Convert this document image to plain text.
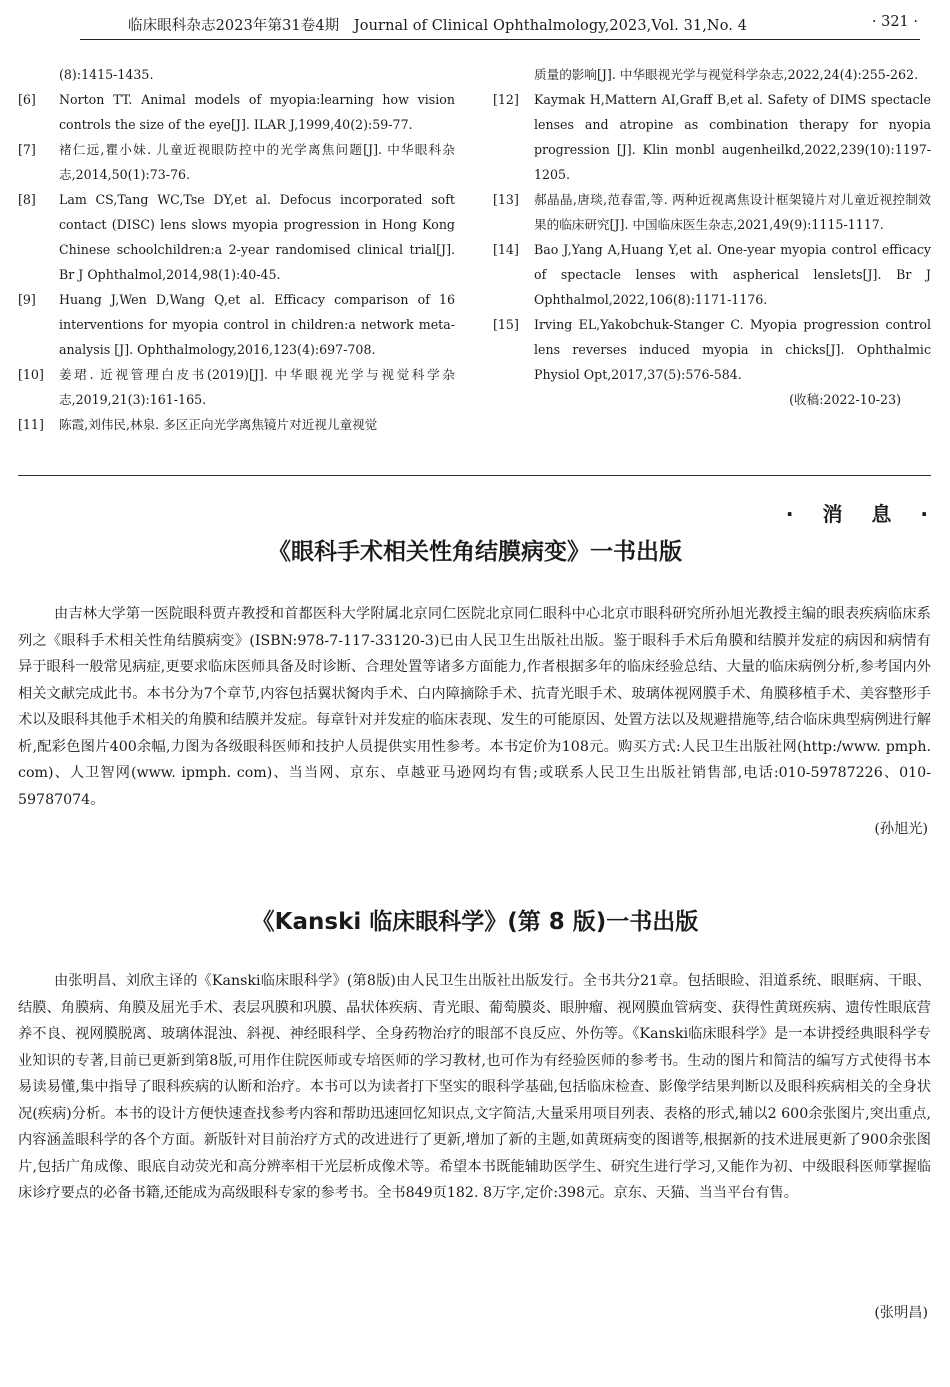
临床眼科杂志2023年第31卷4期　Journal of Clinical Ophthalmology,2023,Vol. 31,No. 4	· 321 ·
(8):1415-1435.
[6]	Norton TT. Animal models of myopia:learning how vision controls the size of the eye[J]. ILAR J,1999,40(2):59-77.
[7]	褚仁远,瞿小妹. 儿童近视眼防控中的光学离焦问题[J]. 中华眼科杂志,2014,50(1):73-76.
[8]	Lam CS,Tang WC,Tse DY,et al. Defocus incorporated soft contact (DISC) lens slows myopia progression in Hong Kong Chinese schoolchildren:a 2-year randomised clinical trial[J]. Br J Ophthalmol,2014,98(1):40-45.
[9]	Huang J,Wen D,Wang Q,et al. Efficacy comparison of 16 interventions for myopia control in children:a network meta-analysis [J]. Ophthalmology,2016,123(4):697-708.
[10]	姜珺. 近视管理白皮书(2019)[J]. 中华眼视光学与视觉科学杂志,2019,21(3):161-165.
[11]	陈霞,刘伟民,林泉. 多区正向光学离焦镜片对近视儿童视觉
质量的影响[J]. 中华眼视光学与视觉科学杂志,2022,24(4):255-262.
[12]	Kaymak H,Mattern AI,Graff B,et al. Safety of DIMS spectacle lenses and atropine as combination therapy for nyopia progression [J]. Klin monbl augenheilkd,2022,239(10):1197-1205.
[13]	郝晶晶,唐琰,范春雷,等. 两种近视离焦设计框架镜片对儿童近视控制效果的临床研究[J]. 中国临床医生杂志,2021,49(9):1115-1117.
[14]	Bao J,Yang A,Huang Y,et al. One-year myopia control efficacy of spectacle lenses with aspherical lenslets[J]. Br J Ophthalmol,2022,106(8):1171-1176.
[15]	Irving EL,Yakobchuk-Stanger C. Myopia progression control lens reverses induced myopia in chicks[J]. Ophthalmic Physiol Opt,2017,37(5):576-584.
(收稿:2022-10-23)
· 消 息 ·
《眼科手术相关性角结膜病变》一书出版

由吉林大学第一医院眼科贾卉教授和首都医科大学附属北京同仁医院北京同仁眼科中心北京市眼科研究所孙旭光教授主编的眼表疾病临床系列之《眼科手术相关性角结膜病变》(ISBN:978-7-117-33120-3)已由人民卫生出版社出版。鉴于眼科手术后角膜和结膜并发症的病因和病情有异于眼科一般常见病症,更要求临床医师具备及时诊断、合理处置等诸多方面能力,作者根据多年的临床经验总结、大量的临床病例分析,参考国内外相关文献完成此书。本书分为7个章节,内容包括翼状胬肉手术、白内障摘除手术、抗青光眼手术、玻璃体视网膜手术、角膜移植手术、美容整形手术以及眼科其他手术相关的角膜和结膜并发症。每章针对并发症的临床表现、发生的可能原因、处置方法以及规避措施等,结合临床典型病例进行解析,配彩色图片400余幅,力图为各级眼科医师和技护人员提供实用性参考。本书定价为108元。购买方式:人民卫生出版社网(http:/www. pmph. com)、人卫智网(www. ipmph. com)、当当网、京东、卓越亚马逊网均有售;或联系人民卫生出版社销售部,电话:010-59787226、010-59787074。

(孙旭光)
《Kanski 临床眼科学》(第 8 版)一书出版

由张明昌、刘欣主译的《Kanski临床眼科学》(第8版)由人民卫生出版社出版发行。全书共分21章。包括眼睑、泪道系统、眼眶病、干眼、结膜、角膜病、角膜及屈光手术、表层巩膜和巩膜、晶状体疾病、青光眼、葡萄膜炎、眼肿瘤、视网膜血管病变、获得性黄斑疾病、遗传性眼底营养不良、视网膜脱离、玻璃体混浊、斜视、神经眼科学、全身药物治疗的眼部不良反应、外伤等。《Kanski临床眼科学》是一本讲授经典眼科学专业知识的专著,目前已更新到第8版,可用作住院医师或专培医师的学习教材,也可作为有经验医师的参考书。生动的图片和简洁的编写方式使得书本易读易懂,集中指导了眼科疾病的认断和治疗。本书可以为读者打下坚实的眼科学基础,包括临床检查、影像学结果判断以及眼科疾病相关的全身状况(疾病)分析。本书的设计方便快速查找参考内容和帮助迅速回忆知识点,文字简洁,大量采用项目列表、表格的形式,辅以2 600余张图片,突出重点,内容涵盖眼科学的各个方面。新版针对目前治疗方式的改进进行了更新,增加了新的主题,如黄斑病变的图谱等,根据新的技术进展更新了900余张图片,包括广角成像、眼底自动荧光和高分辨率相干光层析成像术等。希望本书既能辅助医学生、研究生进行学习,又能作为初、中级眼科医师掌握临床诊疗要点的必备书籍,还能成为高级眼科专家的参考书。全书849页182. 8万字,定价:398元。京东、天猫、当当平台有售。

(张明昌)
